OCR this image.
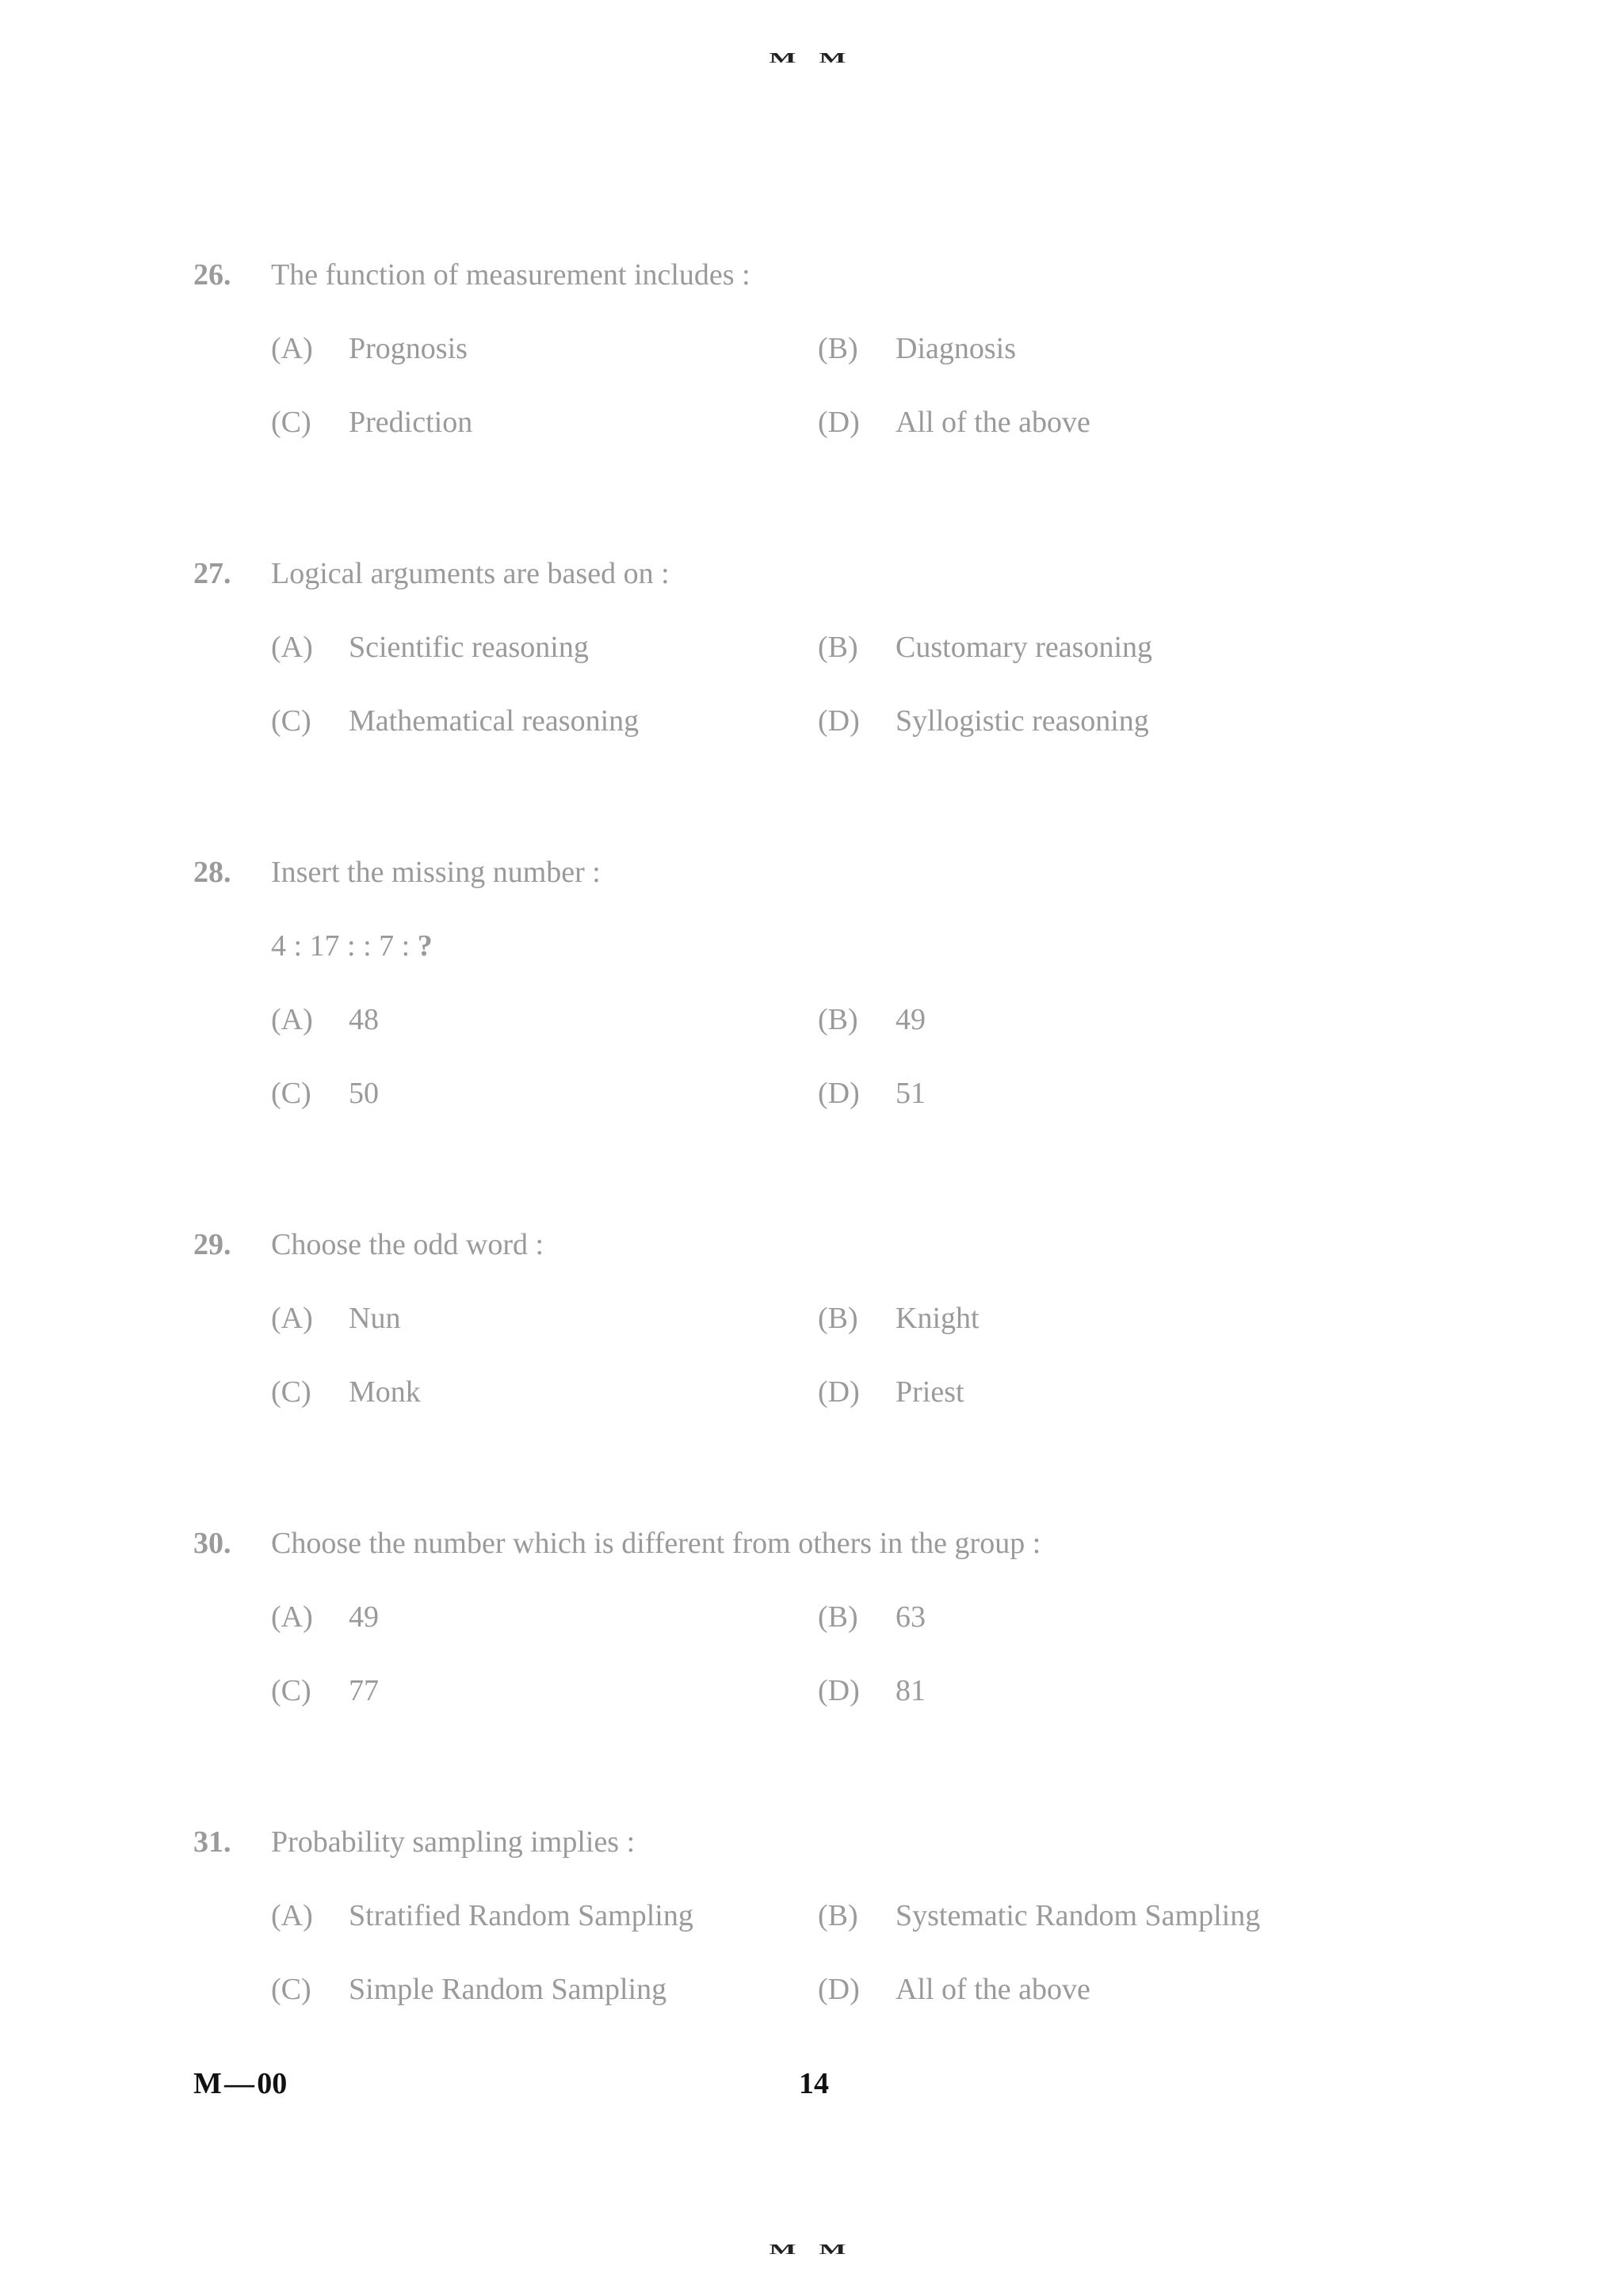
M M
26. The function of measurement includes :
(A) Prognosis	(B) Diagnosis
(C) Prediction	(D) All of the above
27. Logical arguments are based on :
(A) Scientific reasoning	(B) Customary reasoning
(C) Mathematical reasoning	(D) Syllogistic reasoning
28. Insert the missing number :
4 : 17 : : 7 : ?
(A) 48	(B) 49
(C) 50	(D) 51
29. Choose the odd word :
(A) Nun	(B) Knight
(C) Monk	(D) Priest
30. Choose the number which is different from others in the group :
(A) 49	(B) 63
(C) 77	(D) 81
31. Probability sampling implies :
(A) Stratified Random Sampling	(B) Systematic Random Sampling
(C) Simple Random Sampling	(D) All of the above
M — 00	14
M M
